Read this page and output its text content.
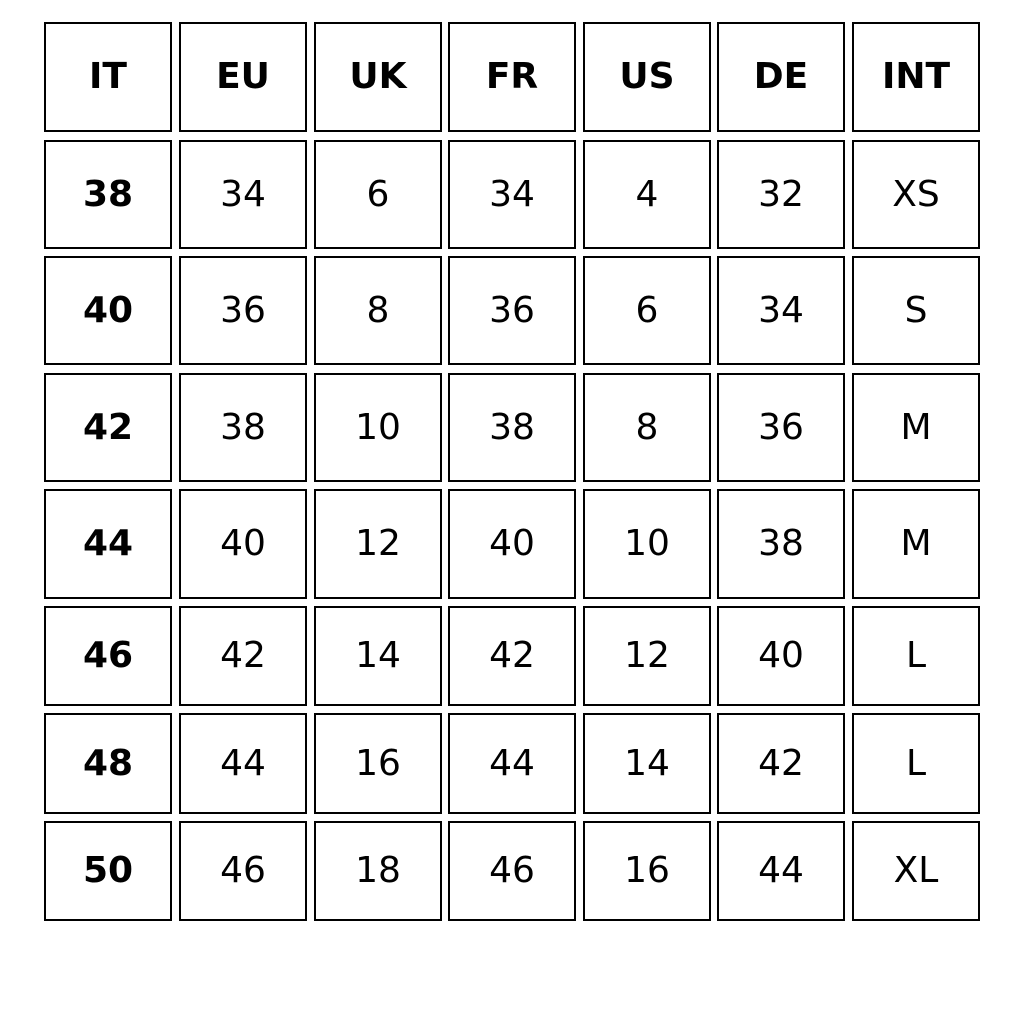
IT	EU	UK	FR	US	DE	INT
38	34	6	34	4	32	XS
40	36	8	36	6	34	S
42	38	10	38	8	36	M
44	40	12	40	10	38	M
46	42	14	42	12	40	L
48	44	16	44	14	42	L
50	46	18	46	16	44	XL
